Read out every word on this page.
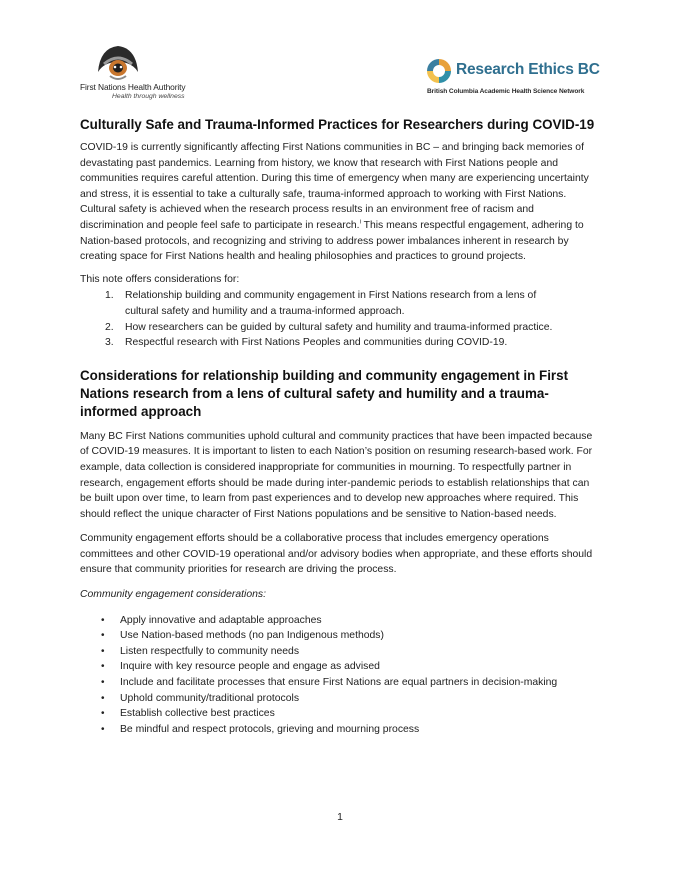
First Nations Health Authority
Health through wellness
Research Ethics BC
British Columbia Academic Health Science Network
Culturally Safe and Trauma-Informed Practices for Researchers during COVID-19

COVID-19 is currently significantly affecting First Nations communities in BC – and bringing back memories of devastating past pandemics. Learning from history, we know that research with First Nations people and communities requires careful attention. During this time of emergency when many are experiencing uncertainty and stress, it is essential to take a culturally safe, trauma-informed approach to working with First Nations. Cultural safety is achieved when the research process results in an environment free of racism and discrimination and people feel safe to participate in research.$^i$ This means respectful engagement, adhering to Nation-based protocols, and recognizing and striving to address power imbalances inherent in research by creating space for First Nations health and healing philosophies and practices to ground projects.

This note offers considerations for:

1.	Relationship building and community engagement in First Nations research from a lens of cultural safety and humility and a trauma-informed approach.
2.	How researchers can be guided by cultural safety and humility and trauma-informed practice.
3.	Respectful research with First Nations Peoples and communities during COVID-19.
Considerations for relationship building and community engagement in First Nations research from a lens of cultural safety and humility and a trauma-informed approach

Many BC First Nations communities uphold cultural and community practices that have been impacted because of COVID-19 measures. It is important to listen to each Nation’s position on resuming research-based work. For example, data collection is considered inappropriate for communities in mourning. To respectfully partner in research, engagement efforts should be made during inter-pandemic periods to establish relationships that can be built upon over time, to learn from past experiences and to develop new approaches where required. This should reflect the unique character of First Nations populations and be sensitive to Nation-based needs.

Community engagement efforts should be a collaborative process that includes emergency operations committees and other COVID-19 operational and/or advisory bodies when appropriate, and these efforts should ensure that community priorities for research are driving the process.

Community engagement considerations:

•	Apply innovative and adaptable approaches
•	Use Nation-based methods (no pan Indigenous methods)
•	Listen respectfully to community needs
•	Inquire with key resource people and engage as advised
•	Include and facilitate processes that ensure First Nations are equal partners in decision-making
•	Uphold community/traditional protocols
•	Establish collective best practices
•	Be mindful and respect protocols, grieving and mourning process
1
